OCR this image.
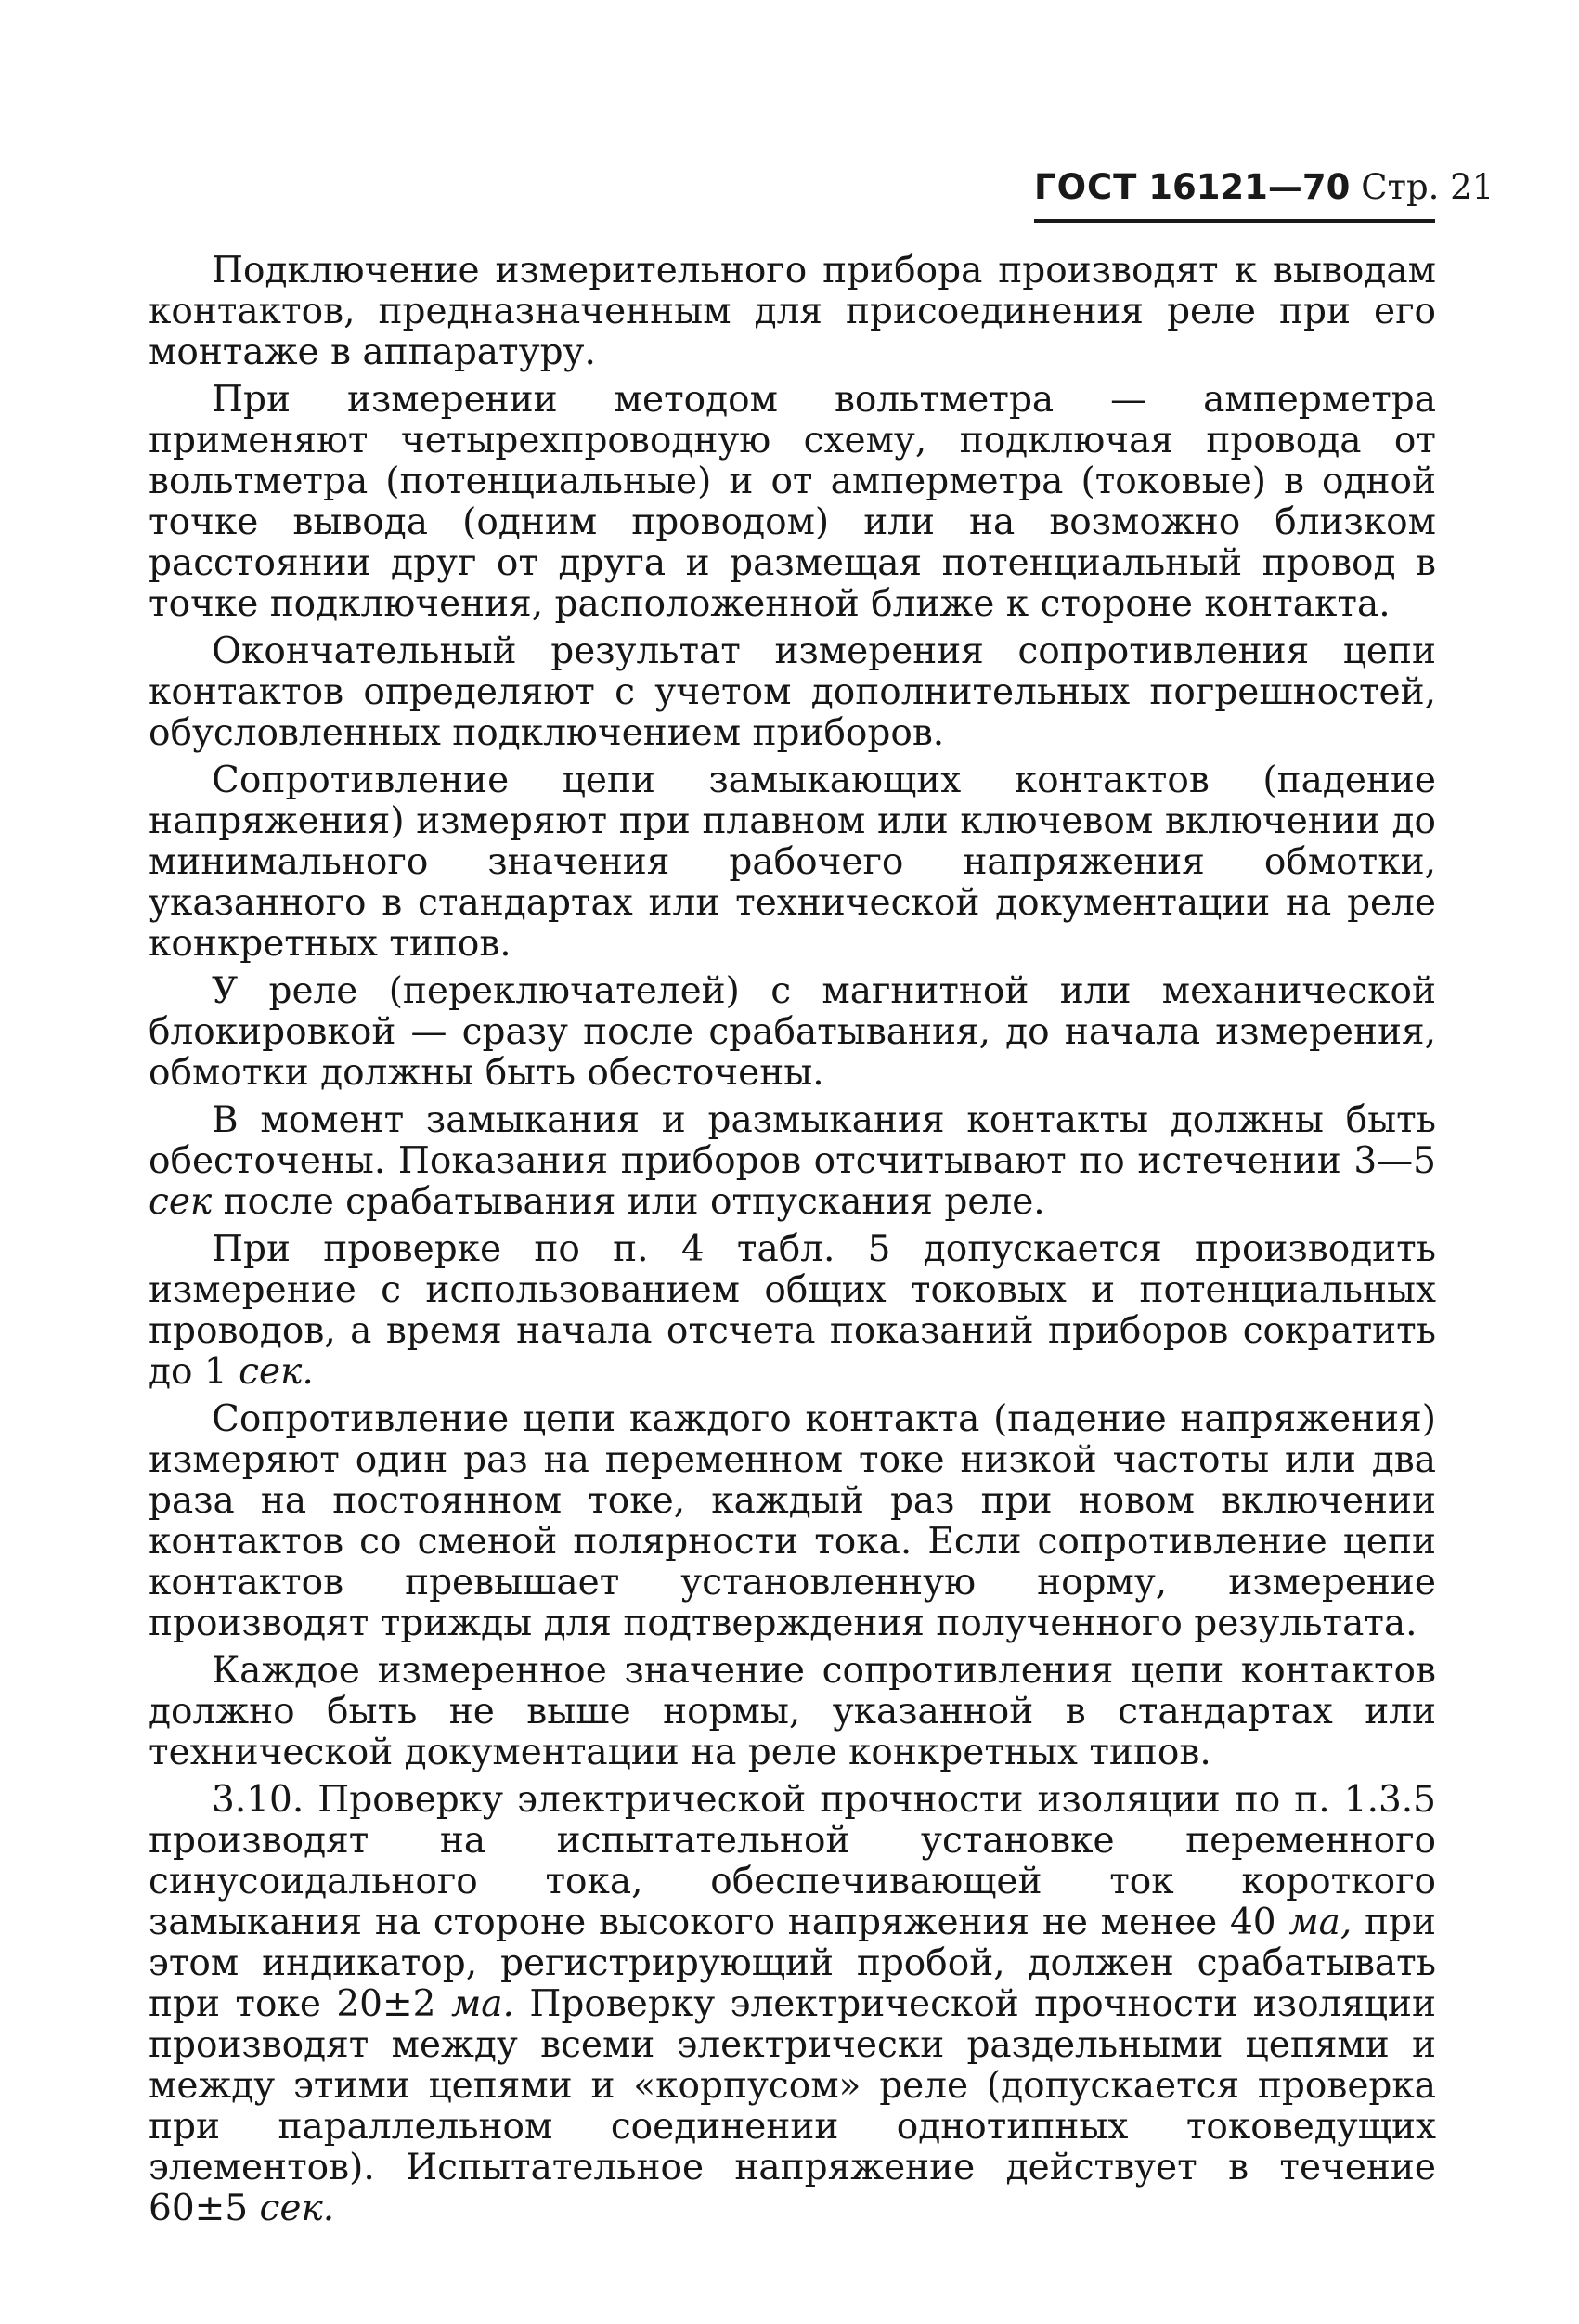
ГОСТ 16121—70 Стр. 21

Подключение измерительного прибора производят к выводам контактов, предназначенным для присоединения реле при его монтаже в аппаратуру.

При измерении методом вольтметра — амперметра применяют четырехпроводную схему, подключая провода от вольтметра (потенциальные) и от амперметра (токовые) в одной точке вывода (одним проводом) или на возможно близком расстоянии друг от друга и размещая потенциальный провод в точке подключения, расположенной ближе к стороне контакта.

Окончательный результат измерения сопротивления цепи контактов определяют с учетом дополнительных погрешностей, обусловленных подключением приборов.

Сопротивление цепи замыкающих контактов (падение напряжения) измеряют при плавном или ключевом включении до минимального значения рабочего напряжения обмотки, указанного в стандартах или технической документации на реле конкретных типов.

У реле (переключателей) с магнитной или механической блокировкой — сразу после срабатывания, до начала измерения, обмотки должны быть обесточены.

В момент замыкания и размыкания контакты должны быть обесточены. Показания приборов отсчитывают по истечении 3—5 сек после срабатывания или отпускания реле.

При проверке по п. 4 табл. 5 допускается производить измерение с использованием общих токовых и потенциальных проводов, а время начала отсчета показаний приборов сократить до 1 сек.

Сопротивление цепи каждого контакта (падение напряжения) измеряют один раз на переменном токе низкой частоты или два раза на постоянном токе, каждый раз при новом включении контактов со сменой полярности тока. Если сопротивление цепи контактов превышает установленную норму, измерение производят трижды для подтверждения полученного результата.

Каждое измеренное значение сопротивления цепи контактов должно быть не выше нормы, указанной в стандартах или технической документации на реле конкретных типов.

3.10. Проверку электрической прочности изоляции по п. 1.3.5 производят на испытательной установке переменного синусоидального тока, обеспечивающей ток короткого замыкания на стороне высокого напряжения не менее 40 ма, при этом индикатор, регистрирующий пробой, должен срабатывать при токе 20±2 ма. Проверку электрической прочности изоляции производят между всеми электрически раздельными цепями и между этими цепями и «корпусом» реле (допускается проверка при параллельном соединении однотипных токоведущих элементов). Испытательное напряжение действует в течение 60±5 сек.
